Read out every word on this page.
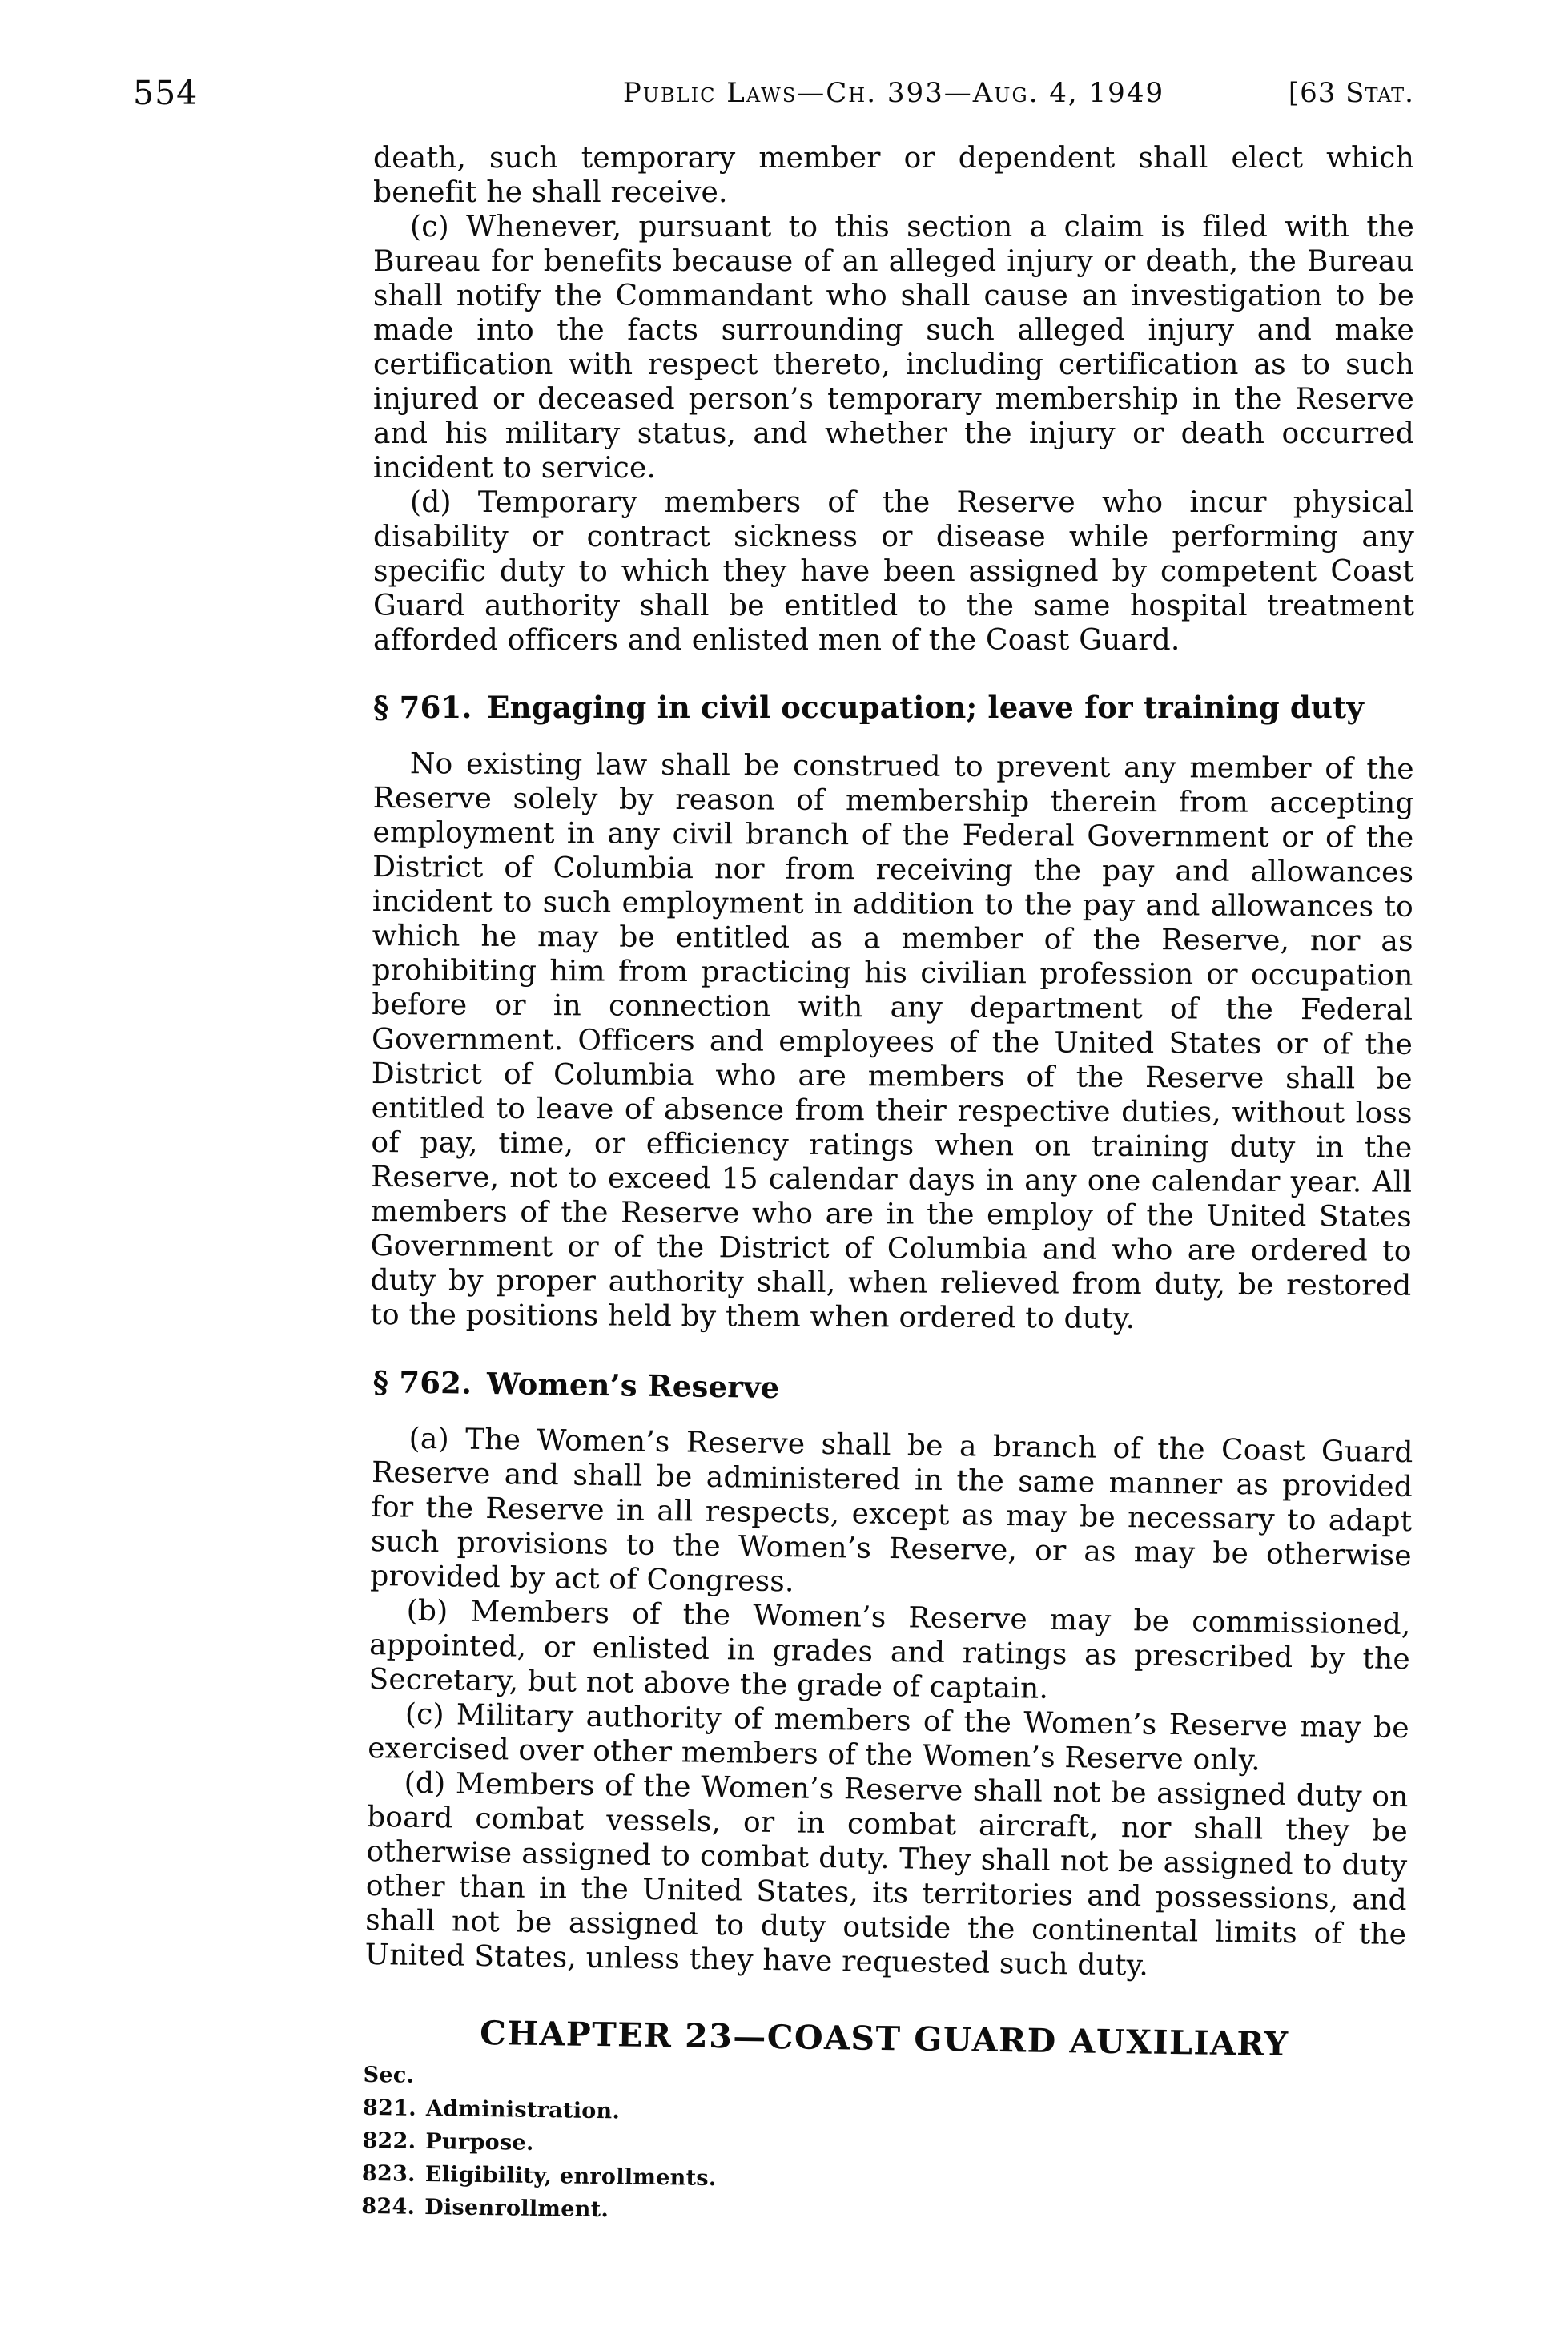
554	Public Laws—Ch. 393—Aug. 4, 1949	[63 Stat.

death, such temporary member or dependent shall elect which benefit he shall receive.

(c) Whenever, pursuant to this section a claim is filed with the Bureau for benefits because of an alleged injury or death, the Bureau shall notify the Commandant who shall cause an investigation to be made into the facts surrounding such alleged injury and make certification with respect thereto, including certification as to such injured or deceased person’s temporary membership in the Reserve and his military status, and whether the injury or death occurred incident to service.

(d) Temporary members of the Reserve who incur physical disability or contract sickness or disease while performing any specific duty to which they have been assigned by competent Coast Guard authority shall be entitled to the same hospital treatment afforded officers and enlisted men of the Coast Guard.

§ 761. Engaging in civil occupation; leave for training duty

No existing law shall be construed to prevent any member of the Reserve solely by reason of membership therein from accepting employment in any civil branch of the Federal Government or of the District of Columbia nor from receiving the pay and allowances incident to such employment in addition to the pay and allowances to which he may be entitled as a member of the Reserve, nor as prohibiting him from practicing his civilian profession or occupation before or in connection with any department of the Federal Government. Officers and employees of the United States or of the District of Columbia who are members of the Reserve shall be entitled to leave of absence from their respective duties, without loss of pay, time, or efficiency ratings when on training duty in the Reserve, not to exceed 15 calendar days in any one calendar year. All members of the Reserve who are in the employ of the United States Government or of the District of Columbia and who are ordered to duty by proper authority shall, when relieved from duty, be restored to the positions held by them when ordered to duty.

§ 762. Women’s Reserve

(a) The Women’s Reserve shall be a branch of the Coast Guard Reserve and shall be administered in the same manner as provided for the Reserve in all respects, except as may be necessary to adapt such provisions to the Women’s Reserve, or as may be otherwise provided by act of Congress.

(b) Members of the Women’s Reserve may be commissioned, appointed, or enlisted in grades and ratings as prescribed by the Secretary, but not above the grade of captain.

(c) Military authority of members of the Women’s Reserve may be exercised over other members of the Women’s Reserve only.

(d) Members of the Women’s Reserve shall not be assigned duty on board combat vessels, or in combat aircraft, nor shall they be otherwise assigned to combat duty. They shall not be assigned to duty other than in the United States, its territories and possessions, and shall not be assigned to duty outside the continental limits of the United States, unless they have requested such duty.

CHAPTER 23—COAST GUARD AUXILIARY
Sec.
821. Administration.
822. Purpose.
823. Eligibility, enrollments.
824. Disenrollment.
